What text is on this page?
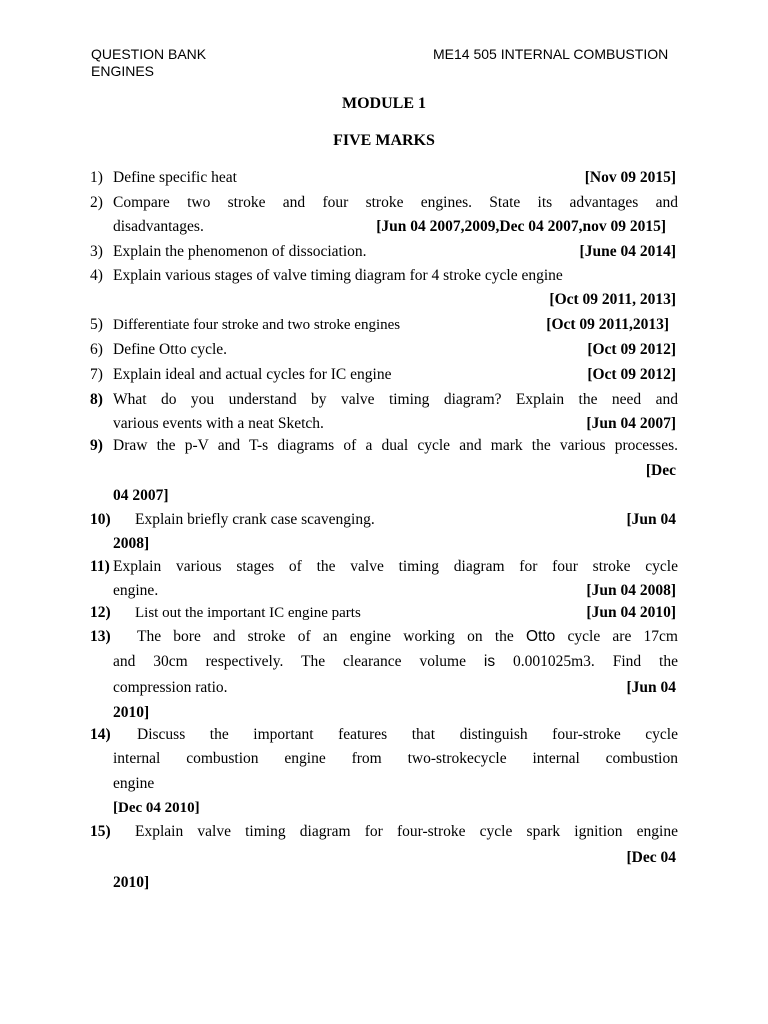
QUESTION BANK
ENGINES
ME14 505 INTERNAL COMBUSTION
MODULE 1
FIVE MARKS
1) Define specific heat	[Nov 09 2015]
2) Compare two stroke and four stroke engines. State its advantages and
disadvantages.	[Jun 04 2007,2009,Dec 04 2007,nov 09 2015]
3) Explain the phenomenon of dissociation.	[June 04 2014]
4) Explain various stages of valve timing diagram for 4 stroke cycle engine
[Oct 09 2011, 2013]
5) Differentiate four stroke and two stroke engines	[Oct 09 2011,2013]
6) Define Otto cycle.	[Oct 09 2012]
7) Explain ideal and actual cycles for IC engine	[Oct 09 2012]
8) What do you understand by valve timing diagram? Explain the need and
various events with a neat Sketch.	[Jun 04 2007]
9) Draw the p-V and T-s diagrams of a dual cycle and mark the various processes.
[Dec
04 2007]
10)	Explain briefly crank case scavenging.	[Jun 04
2008]
11) Explain various stages of the valve timing diagram for four stroke cycle
engine.	[Jun 04 2008]
12)	List out the important IC engine parts	[Jun 04 2010]
13)	The bore and stroke of an engine working on the Otto cycle are 17cm
and 30cm respectively. The clearance volume is 0.001025m3. Find the
compression ratio.	[Jun 04
2010]
14)	Discuss the important features that distinguish four-stroke cycle
internal combustion engine from two-strokecycle internal combustion
engine
[Dec 04 2010]
15)	Explain valve timing diagram for four-stroke cycle spark ignition engine
[Dec 04
2010]
